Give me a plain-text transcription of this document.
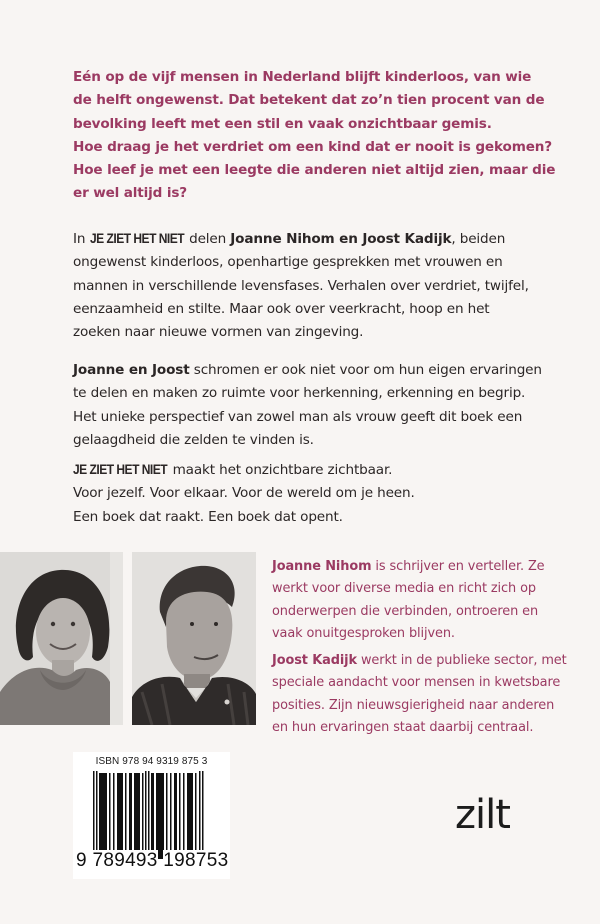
Eén op de vijf mensen in Nederland blijft kinderloos, van wie

de helft ongewenst. Dat betekent dat zo’n tien procent van de

bevolking leeft met een stil en vaak onzichtbaar gemis.

Hoe draag je het verdriet om een kind dat er nooit is gekomen?

Hoe leef je met een leegte die anderen niet altijd zien, maar die

er wel altijd is?

In JE ZIET HET NIET delen Joanne Nihom en Joost Kadijk, beiden

ongewenst kinderloos, openhartige gesprekken met vrouwen en

mannen in verschillende levensfases. Verhalen over verdriet, twijfel,

eenzaamheid en stilte. Maar ook over veerkracht, hoop en het

zoeken naar nieuwe vormen van zingeving.

Joanne en Joost schromen er ook niet voor om hun eigen ervaringen

te delen en maken zo ruimte voor herkenning, erkenning en begrip.

Het unieke perspectief van zowel man als vrouw geeft dit boek een

gelaagdheid die zelden te vinden is.

JE ZIET HET NIET maakt het onzichtbare zichtbaar.

Voor jezelf. Voor elkaar. Voor de wereld om je heen.

Een boek dat raakt. Een boek dat opent.

Joanne Nihom is schrijver en verteller. Ze

werkt voor diverse media en richt zich op

onderwerpen die verbinden, ontroeren en

vaak onuitgesproken blijven.

Joost Kadijk werkt in de publieke sector, met

speciale aandacht voor mensen in kwetsbare

posities. Zijn nieuwsgierigheid naar anderen

en hun ervaringen staat daarbij centraal.

ISBN 978 94 9319 875 3
9 789493 198753
zilt
